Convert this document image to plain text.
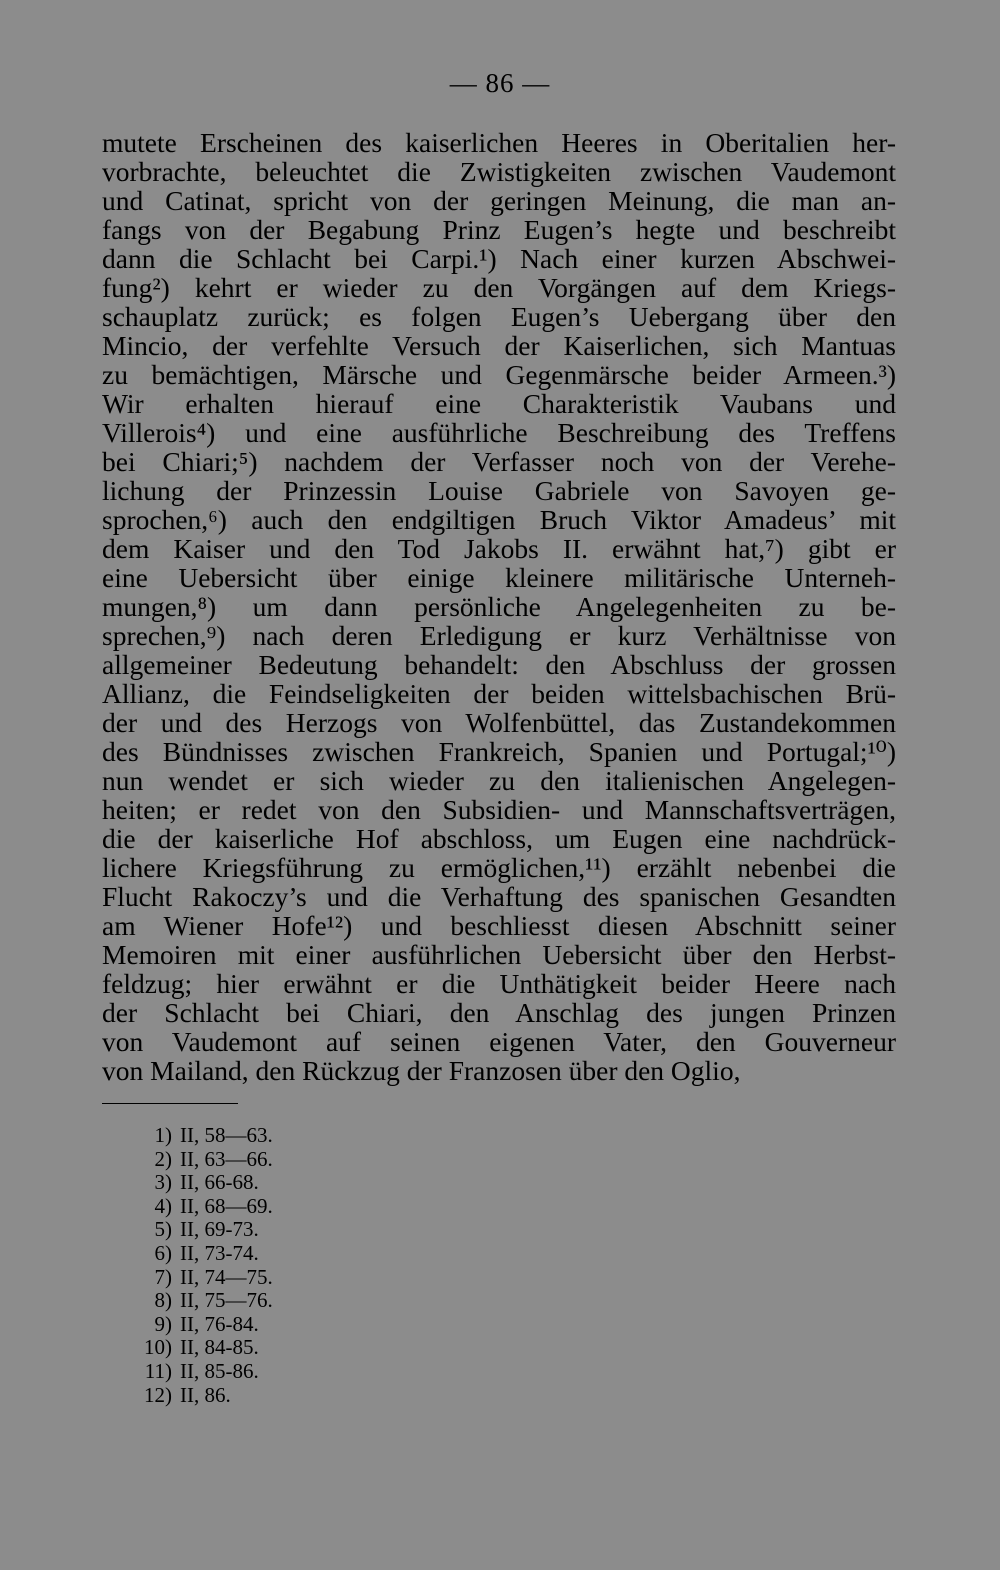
— 86 —
mutete Erscheinen des kaiserlichen Heeres in Oberitalien her-
vorbrachte, beleuchtet die Zwistigkeiten zwischen Vaudemont
und Catinat, spricht von der geringen Meinung, die man an-
fangs von der Begabung Prinz Eugen’s hegte und beschreibt
dann die Schlacht bei Carpi.¹) Nach einer kurzen Abschwei-
fung²) kehrt er wieder zu den Vorgängen auf dem Kriegs-
schauplatz zurück; es folgen Eugen’s Uebergang über den
Mincio, der verfehlte Versuch der Kaiserlichen, sich Mantuas
zu bemächtigen, Märsche und Gegenmärsche beider Armeen.³)
Wir erhalten hierauf eine Charakteristik Vaubans und
Villerois⁴) und eine ausführliche Beschreibung des Treffens
bei Chiari;⁵) nachdem der Verfasser noch von der Verehe-
lichung der Prinzessin Louise Gabriele von Savoyen ge-
sprochen,⁶) auch den endgiltigen Bruch Viktor Amadeus’ mit
dem Kaiser und den Tod Jakobs II. erwähnt hat,⁷) gibt er
eine Uebersicht über einige kleinere militärische Unterneh-
mungen,⁸) um dann persönliche Angelegenheiten zu be-
sprechen,⁹) nach deren Erledigung er kurz Verhältnisse von
allgemeiner Bedeutung behandelt: den Abschluss der grossen
Allianz, die Feindseligkeiten der beiden wittelsbachischen Brü-
der und des Herzogs von Wolfenbüttel, das Zustandekommen
des Bündnisses zwischen Frankreich, Spanien und Portugal;¹⁰)
nun wendet er sich wieder zu den italienischen Angelegen-
heiten; er redet von den Subsidien- und Mannschaftsverträgen,
die der kaiserliche Hof abschloss, um Eugen eine nachdrück-
lichere Kriegsführung zu ermöglichen,¹¹) erzählt nebenbei die
Flucht Rakoczy’s und die Verhaftung des spanischen Gesandten
am Wiener Hofe¹²) und beschliesst diesen Abschnitt seiner
Memoiren mit einer ausführlichen Uebersicht über den Herbst-
feldzug; hier erwähnt er die Unthätigkeit beider Heere nach
der Schlacht bei Chiari, den Anschlag des jungen Prinzen
von Vaudemont auf seinen eigenen Vater, den Gouverneur
von Mailand, den Rückzug der Franzosen über den Oglio,
1) II, 58—63.
2) II, 63—66.
3) II, 66-68.
4) II, 68—69.
5) II, 69-73.
6) II, 73-74.
7) II, 74—75.
8) II, 75—76.
9) II, 76-84.
10) II, 84-85.
11) II, 85-86.
12) II, 86.
